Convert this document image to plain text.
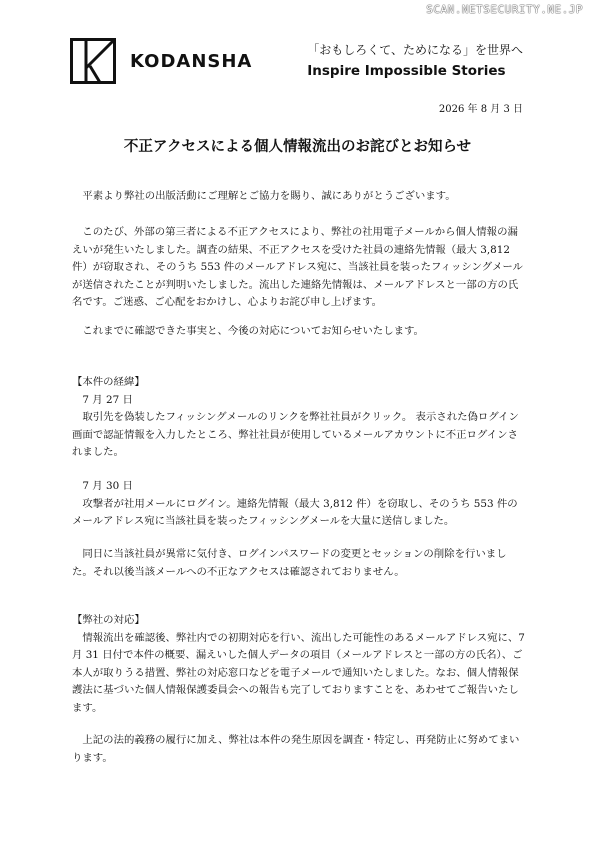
SCAN.NETSECURITY.NE.JP
KODANSHA
「おもしろくて、ためになる」を世界へ
Inspire Impossible Stories
2026 年 8 月 3 日
不正アクセスによる個人情報流出のお詫びとお知らせ

平素より弊社の出版活動にご理解とご協力を賜り、誠にありがとうございます。

このたび、外部の第三者による不正アクセスにより、弊社の社用電子メールから個人情報の漏えいが発生いたしました。調査の結果、不正アクセスを受けた社員の連絡先情報（最大 3,812 件）が窃取され、そのうち 553 件のメールアドレス宛に、当該社員を装ったフィッシングメールが送信されたことが判明いたしました。流出した連絡先情報は、メールアドレスと一部の方の氏名です。ご迷惑、ご心配をおかけし、心よりお詫び申し上げます。

これまでに確認できた事実と、今後の対応についてお知らせいたします。

【本件の経緯】

7 月 27 日

取引先を偽装したフィッシングメールのリンクを弊社社員がクリック。 表示された偽ログイン画面で認証情報を入力したところ、弊社社員が使用しているメールアカウントに不正ログインされました。

7 月 30 日

攻撃者が社用メールにログイン。連絡先情報（最大 3,812 件）を窃取し、そのうち 553 件のメールアドレス宛に当該社員を装ったフィッシングメールを大量に送信しました。

同日に当該社員が異常に気付き、ログインパスワードの変更とセッションの削除を行いました。それ以後当該メールへの不正なアクセスは確認されておりません。

【弊社の対応】

情報流出を確認後、弊社内での初期対応を行い、流出した可能性のあるメールアドレス宛に、7 月 31 日付で本件の概要、漏えいした個人データの項目（メールアドレスと一部の方の氏名）、ご本人が取りうる措置、弊社の対応窓口などを電子メールで通知いたしました。なお、個人情報保護法に基づいた個人情報保護委員会への報告も完了しておりますことを、あわせてご報告いたします。

上記の法的義務の履行に加え、弊社は本件の発生原因を調査・特定し、再発防止に努めてまいります。
